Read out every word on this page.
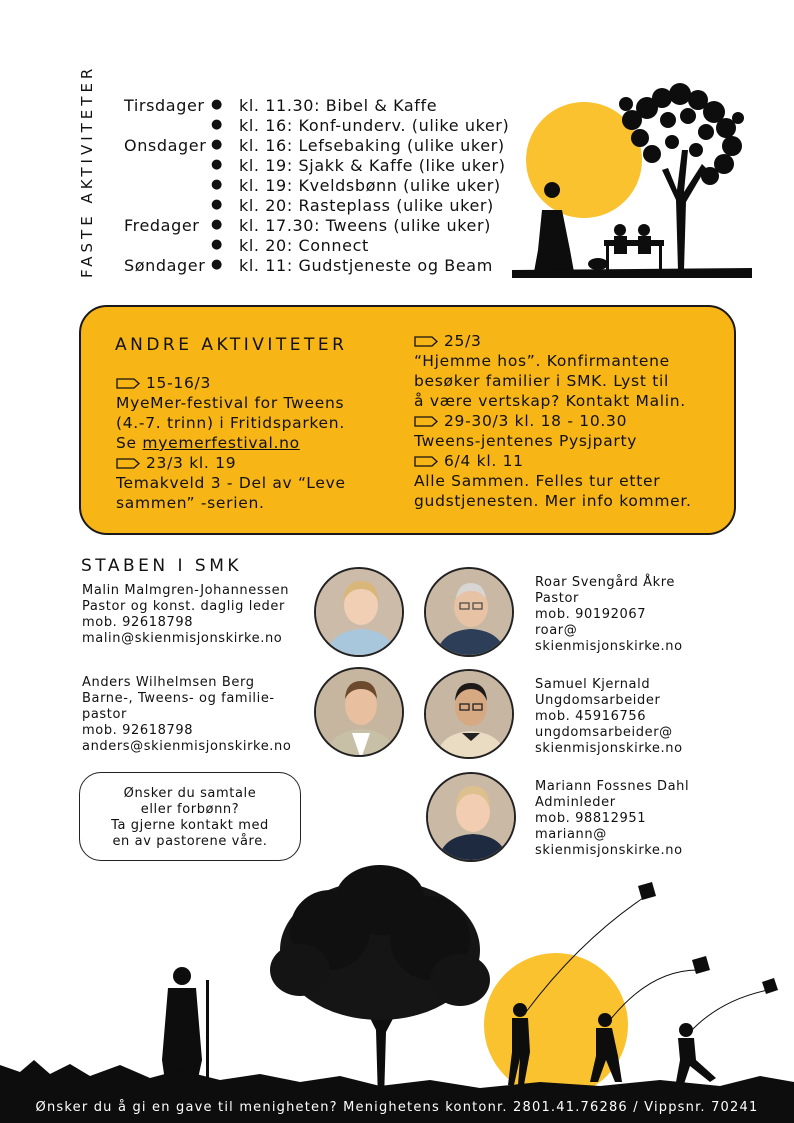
FASTE AKTIVITETER Tirsdager ● kl. 11.30: Bibel & Kaffe
● kl. 16: Konf-underv. (ulike uker)
Onsdager ● kl. 16: Lefsebaking (ulike uker)
● kl. 19: Sjakk & Kaffe (like uker)
● kl. 19: Kveldsbønn (ulike uker)
● kl. 20: Rasteplass (ulike uker)
Fredager ● kl. 17.30: Tweens (ulike uker)
● kl. 20: Connect
Søndager ● kl. 11: Gudstjeneste og Beam
ANDRE AKTIVITETER
15-16/3
MyeMer-festival for Tweens
(4.-7. trinn) i Fritidsparken.
Se myemerfestival.no
23/3 kl. 19
Temakveld 3 - Del av “Leve
sammen” -serien.
25/3
“Hjemme hos”. Konfirmantene
besøker familier i SMK. Lyst til
å være vertskap? Kontakt Malin.
29-30/3 kl. 18 - 10.30
Tweens-jentenes Pysjparty
6/4 kl. 11
Alle Sammen. Felles tur etter
gudstjenesten. Mer info kommer.
STABEN I SMK
Malin Malmgren-Johannessen
Pastor og konst. daglig leder
mob. 92618798
malin@skienmisjonskirke.no
Anders Wilhelmsen Berg
Barne-, Tweens- og familie-
pastor
mob. 92618798
anders@skienmisjonskirke.no
Roar Svengård Åkre
Pastor
mob. 90192067
roar@
skienmisjonskirke.no
Samuel Kjernald
Ungdomsarbeider
mob. 45916756
ungdomsarbeider@
skienmisjonskirke.no
Ønsker du samtale
eller forbønn?
Ta gjerne kontakt med
en av pastorene våre.
Mariann Fossnes Dahl
Adminleder
mob. 98812951
mariann@
skienmisjonskirke.no
Ønsker du å gi en gave til menigheten? Menighetens kontonr. 2801.41.76286 / Vippsnr. 70241
